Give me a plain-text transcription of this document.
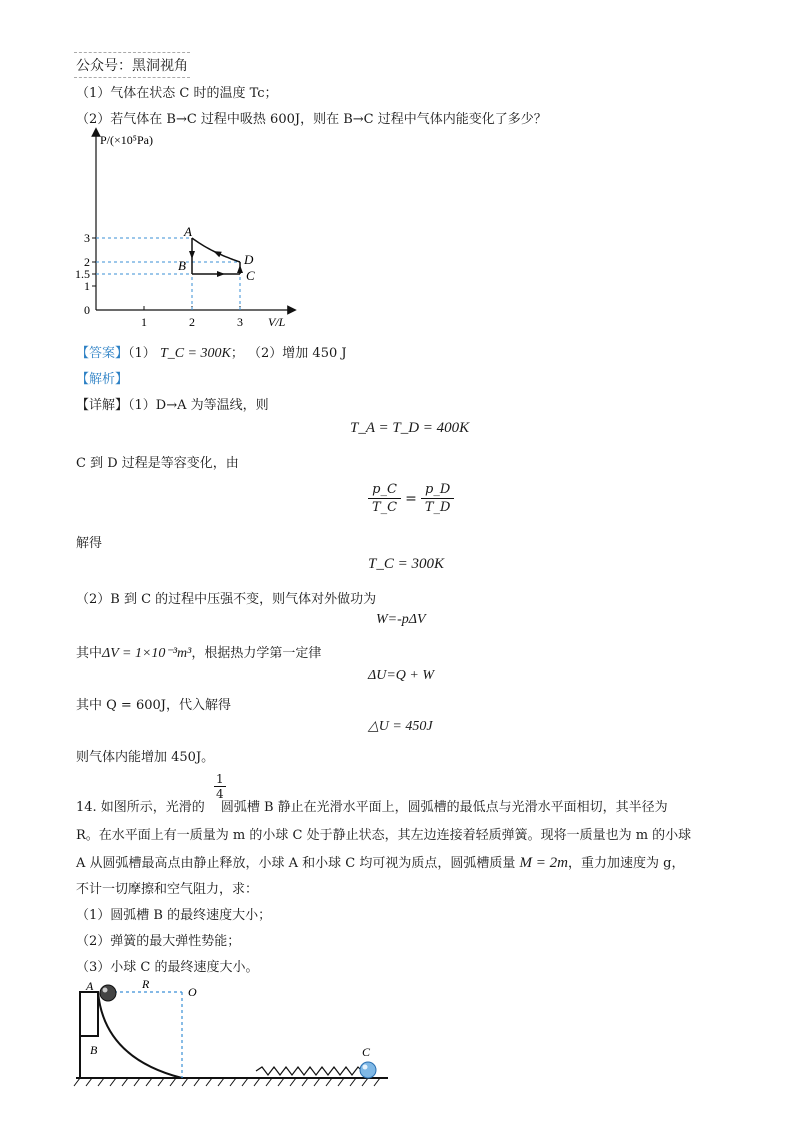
公众号：黑洞视角
（1）气体在状态 C 时的温度 Tc；
（2）若气体在 B→C 过程中吸热 600J，则在 B→C 过程中气体内能变化了多少？
P/(×10⁵Pa)
V/L
3
2
1.5
1
0
1	2	3
A
B
C
D
【答案】（1） T_C = 300K； （2）增加 450 J
【解析】
【详解】（1）D→A 为等温线，则
T_A = T_D = 400K
C 到 D 过程是等容变化，由
$\frac{p\_C}{T\_C} = \frac{p\_D}{T\_D}$
解得
T_C = 300K
（2）B 到 C 的过程中压强不变，则气体对外做功为
W=-pΔV
其中ΔV = 1×10⁻³m³，根据热力学第一定律
ΔU=Q + W
其中 Q = 600J，代入解得
△U = 450J
则气体内能增加 450J。
$\frac{1}{4}$
14. 如图所示，光滑的 圆弧槽 B 静止在光滑水平面上，圆弧槽的最低点与光滑水平面相切，其半径为
R。在水平面上有一质量为 m 的小球 C 处于静止状态，其左边连接着轻质弹簧。现将一质量也为 m 的小球
A 从圆弧槽最高点由静止释放，小球 A 和小球 C 均可视为质点，圆弧槽质量 M = 2m，重力加速度为 g，
不计一切摩擦和空气阻力，求：
（1）圆弧槽 B 的最终速度大小；
（2）弹簧的最大弹性势能；
（3）小球 C 的最终速度大小。
A	R
O
B	C
